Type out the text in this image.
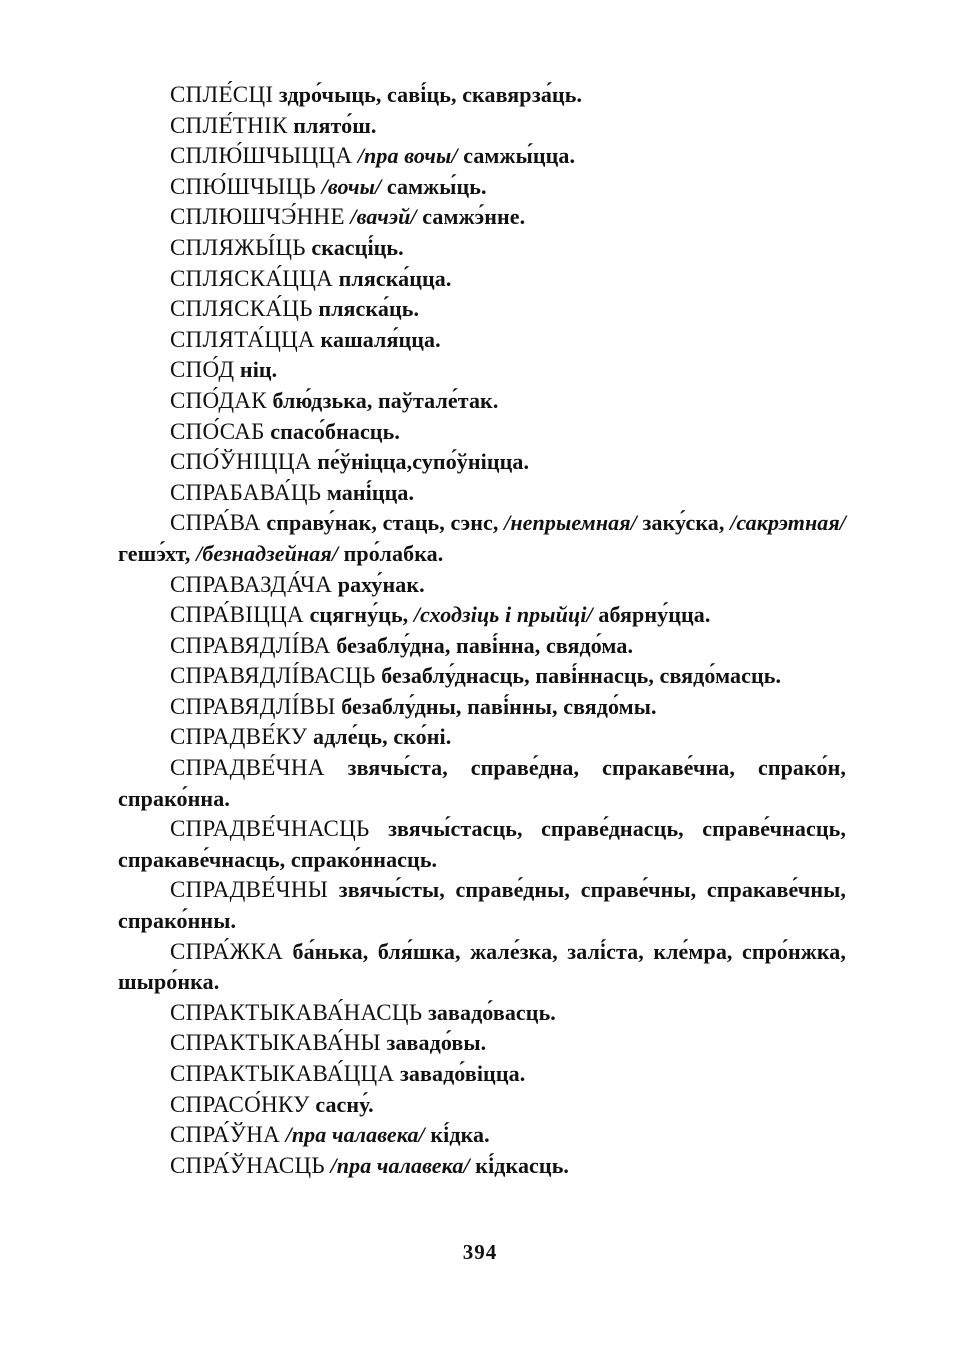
СПЛЕ́СЦІ здро́чыць, саві́ць, скавярза́ць.
СПЛЕ́ТНІК плято́ш.
СПЛЮ́ШЧЫЦЦА /пра вочы/ самжы́цца.
СПЮ́ШЧЫЦЬ /вочы/ самжы́ць.
СПЛЮШЧЭ́ННЕ /вачэй/ самжэ́нне.
СПЛЯЖЫ́ЦЬ скасці́ць.
СПЛЯСКА́ЦЦА пляска́цца.
СПЛЯСКА́ЦЬ пляска́ць.
СПЛЯТА́ЦЦА кашаля́цца.
СПО́Д ніц.
СПО́ДАК блю́дзька, паўтале́так.
СПО́САБ спасо́бнасць.
СПО́ЎНІЦЦА пе́ўніцца,супо́ўніцца.
СПРАБАВА́ЦЬ мані́цца.
СПРА́ВА справу́нак, стаць, сэнс, /непрыемная/ заку́ска, /сакрэтная/ гешэ́хт, /безнадзейная/ про́лабка.
СПРАВАЗДА́ЧА раху́нак.
СПРА́ВІЦЦА сцягну́ць, /сходзіць і прыйці/ абярну́цца.
СПРАВЯДЛІ́ВА безаблу́дна, паві́нна, свядо́ма.
СПРАВЯДЛІ́ВАСЦЬ безаблу́днасць, паві́ннасць, свядо́масць.
СПРАВЯДЛІ́ВЫ безаблу́дны, паві́нны, свядо́мы.
СПРАДВЕ́КУ адле́ць, ско́ні.
СПРАДВЕ́ЧНА звячы́ста, справе́дна, спракаве́чна, спрако́н, спрако́нна.
СПРАДВЕ́ЧНАСЦЬ звячы́стасць, справе́днасць, справе́чнасць, спракаве́чнасць, спрако́ннасць.
СПРАДВЕ́ЧНЫ звячы́сты, справе́дны, справе́чны, спракаве́чны, спрако́нны.
СПРА́ЖКА ба́нька, бля́шка, жале́зка, залі́ста, кле́мра, спро́нжка, шыро́нка.
СПРАКТЫКАВА́НАСЦЬ завадо́васць.
СПРАКТЫКАВА́НЫ завадо́вы.
СПРАКТЫКАВА́ЦЦА завадо́віцца.
СПРАСО́НКУ сасну́.
СПРА́ЎНА /пра чалавека/ кі́дка.
СПРА́ЎНАСЦЬ /пра чалавека/ кі́дкасць.
394
